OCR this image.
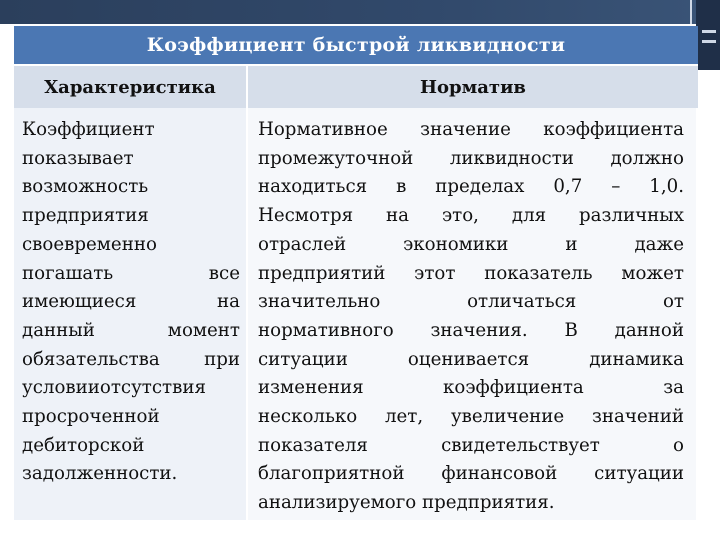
Коэффициент быстрой ликвидности
Характеристика	Норматив
Коэффициент
показывает
возможность
предприятия
своевременно
погашать все
имеющиеся на
данный момент
обязательства при
условииотсутствия
просроченной
дебиторской
задолженности.
Нормативное значение коэффициента
промежуточной ликвидности должно
находиться в пределах 0,7 – 1,0.
Несмотря на это, для различных
отраслей экономики и даже
предприятий этот показатель может
значительно отличаться от
нормативного значения. В данной
ситуации оценивается динамика
изменения коэффициента за
несколько лет, увеличение значений
показателя свидетельствует о
благоприятной финансовой ситуации
анализируемого предприятия.
